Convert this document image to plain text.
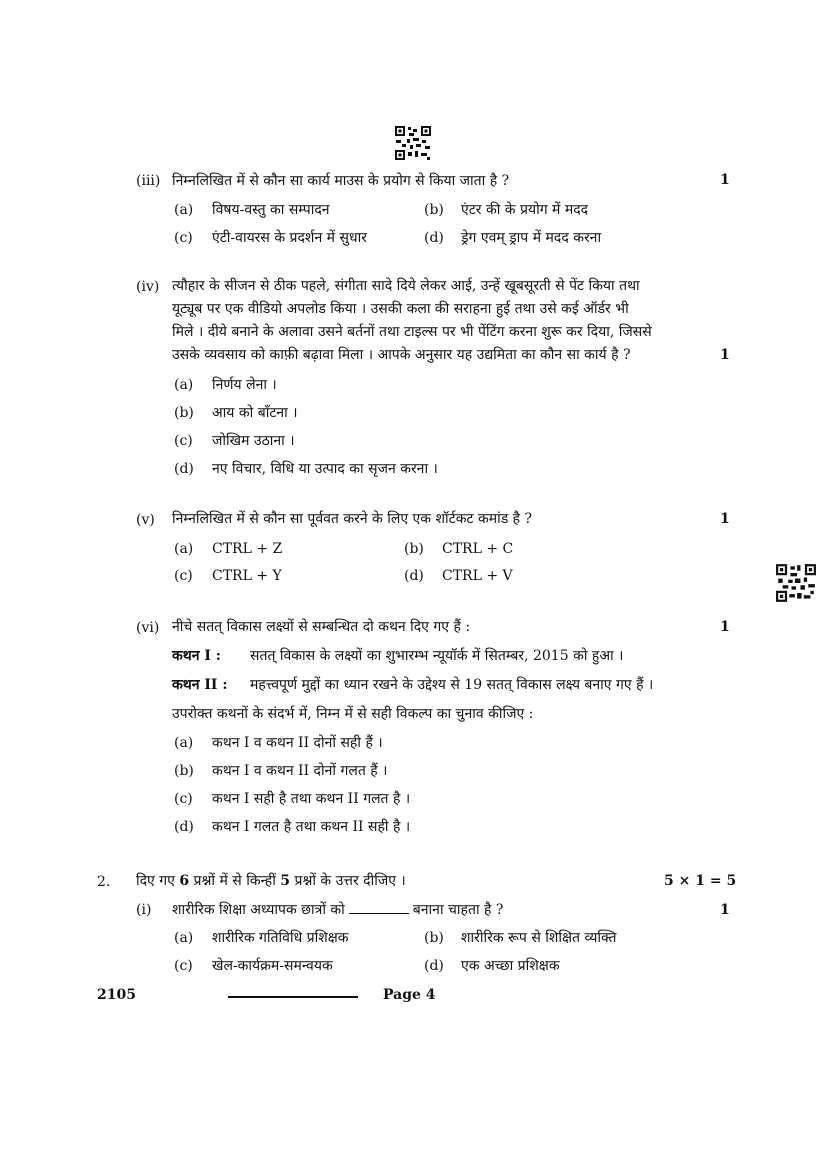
(iii) निम्नलिखित में से कौन सा कार्य माउस के प्रयोग से किया जाता है ?	1
(a) विषय-वस्तु का सम्पादन	(b) एंटर की के प्रयोग में मदद
(c) एंटी-वायरस के प्रदर्शन में सुधार	(d) ड्रेग एवम् ड्राप में मदद करना
(iv) त्यौहार के सीजन से ठीक पहले, संगीता सादे दिये लेकर आई, उन्हें खूबसूरती से पेंट किया तथा
यूट्यूब पर एक वीडियो अपलोड किया । उसकी कला की सराहना हुई तथा उसे कई ऑर्डर भी
मिले । दीये बनाने के अलावा उसने बर्तनों तथा टाइल्स पर भी पेंटिंग करना शुरू कर दिया, जिससे
उसके व्यवसाय को काफ़ी बढ़ावा मिला । आपके अनुसार यह उद्यमिता का कौन सा कार्य है ?	1
(a) निर्णय लेना ।
(b) आय को बाँटना ।
(c) जोखिम उठाना ।
(d) नए विचार, विधि या उत्पाद का सृजन करना ।
(v) निम्नलिखित में से कौन सा पूर्ववत करने के लिए एक शॉर्टकट कमांड है ?	1
(a) CTRL + Z	(b) CTRL + C
(c) CTRL + Y	(d) CTRL + V
(vi) नीचे सतत् विकास लक्ष्यों से सम्बन्धित दो कथन दिए गए हैं :	1
कथन I : सतत् विकास के लक्ष्यों का शुभारम्भ न्यूयॉर्क में सितम्बर, 2015 को हुआ ।
कथन II : महत्त्वपूर्ण मुद्दों का ध्यान रखने के उद्देश्य से 19 सतत् विकास लक्ष्य बनाए गए हैं ।
उपरोक्त कथनों के संदर्भ में, निम्न में से सही विकल्प का चुनाव कीजिए :
(a) कथन I व कथन II दोनों सही हैं ।
(b) कथन I व कथन II दोनों गलत हैं ।
(c) कथन I सही है तथा कथन II गलत है ।
(d) कथन I गलत है तथा कथन II सही है ।
2. दिए गए 6 प्रश्नों में से किन्हीं 5 प्रश्नों के उत्तर दीजिए ।	5 × 1 = 5
(i) शारीरिक शिक्षा अध्यापक छात्रों को	बनाना चाहता है ?	1
(a) शारीरिक गतिविधि प्रशिक्षक	(b) शारीरिक रूप से शिक्षित व्यक्ति
(c) खेल-कार्यक्रम-समन्वयक	(d) एक अच्छा प्रशिक्षक
2105	Page 4
